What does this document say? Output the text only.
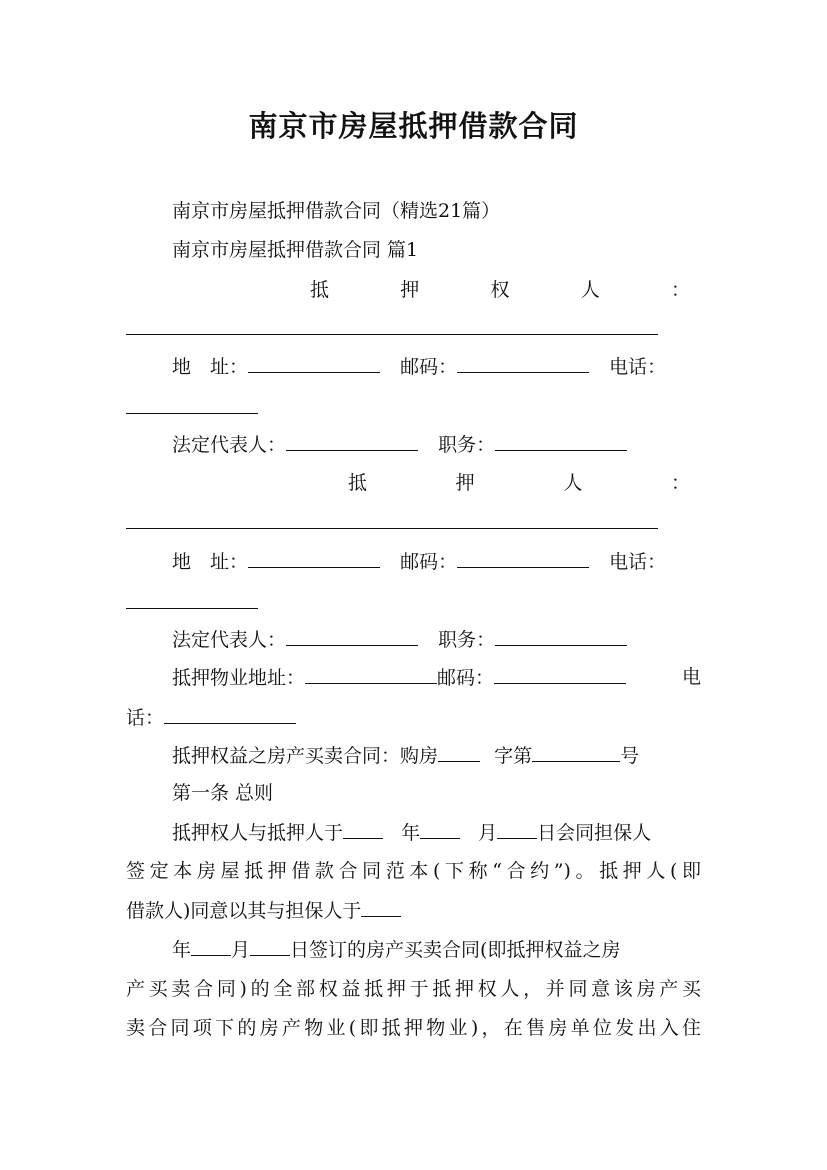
南京市房屋抵押借款合同
南京市房屋抵押借款合同（精选21篇）
南京市房屋抵押借款合同 篇1
抵	押	权	人	：
地　址：	邮码：	电话：
法定代表人：	职务：
抵	押	人	：
地　址：	邮码：	电话：
法定代表人：	职务：
抵押物业地址：	邮码：	电
话：
抵押权益之房产买卖合同：购房	字第	号
第一条 总则
抵押权人与抵押人于	年	月 日会同担保人
签定本房屋抵押借款合同范本(下称“合约”)。抵押人(即
借款人)同意以其与担保人于
年 月 日签订的房产买卖合同(即抵押权益之房
产买卖合同)的全部权益抵押于抵押权人，并同意该房产买
卖合同项下的房产物业(即抵押物业)，在售房单位发出入住
